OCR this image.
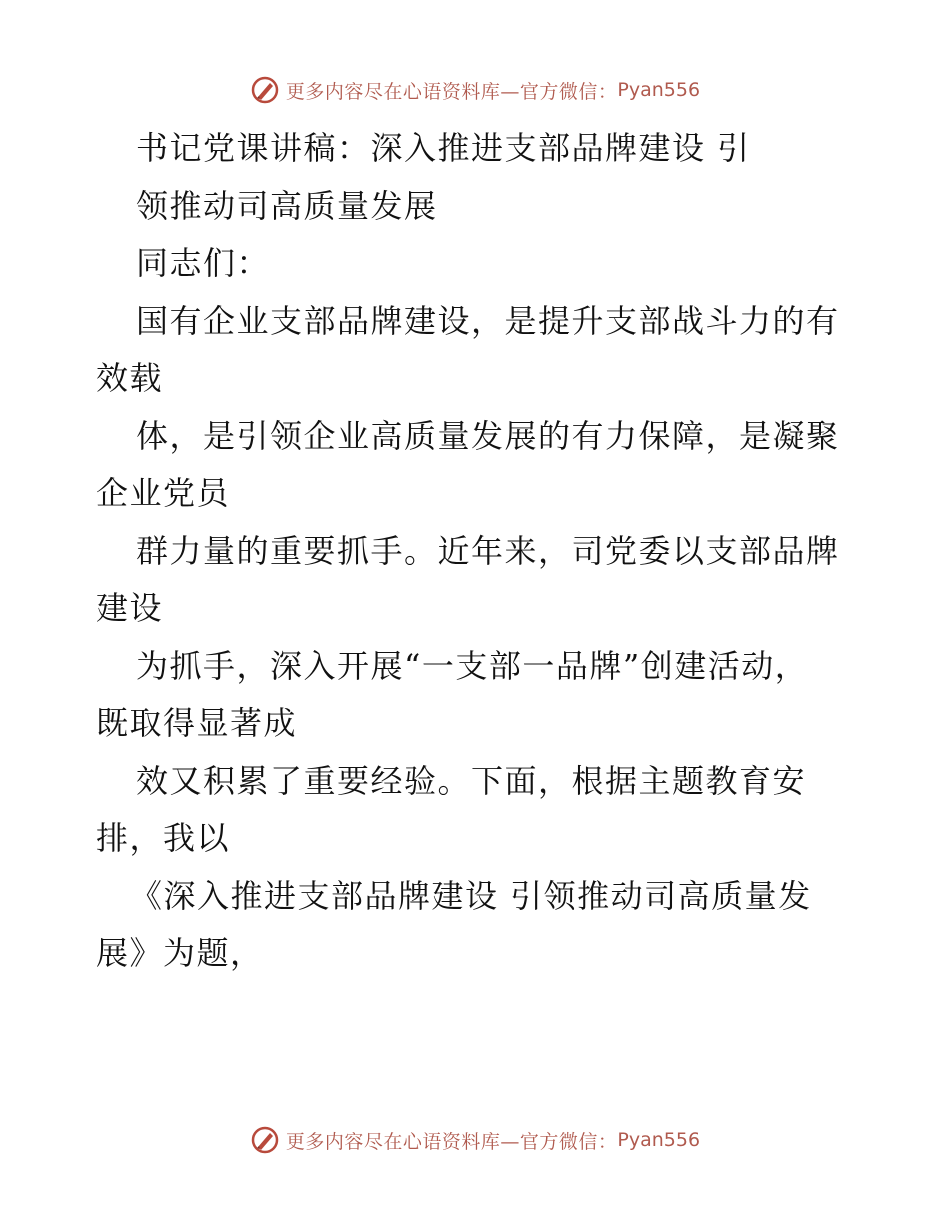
更多内容尽在心语资料库—官方微信： Pyan556
书记党课讲稿：深入推进支部品牌建设 引
领推动司高质量发展
同志们：
国有企业支部品牌建设，是提升支部战斗力的有
效载
体，是引领企业高质量发展的有力保障，是凝聚
企业党员
群力量的重要抓手。近年来，司党委以支部品牌
建设
为抓手，深入开展“一支部一品牌”创建活动，
既取得显著成
效又积累了重要经验。下面，根据主题教育安
排，我以
《深入推进支部品牌建设 引领推动司高质量发
展》为题，
更多内容尽在心语资料库—官方微信： Pyan556
